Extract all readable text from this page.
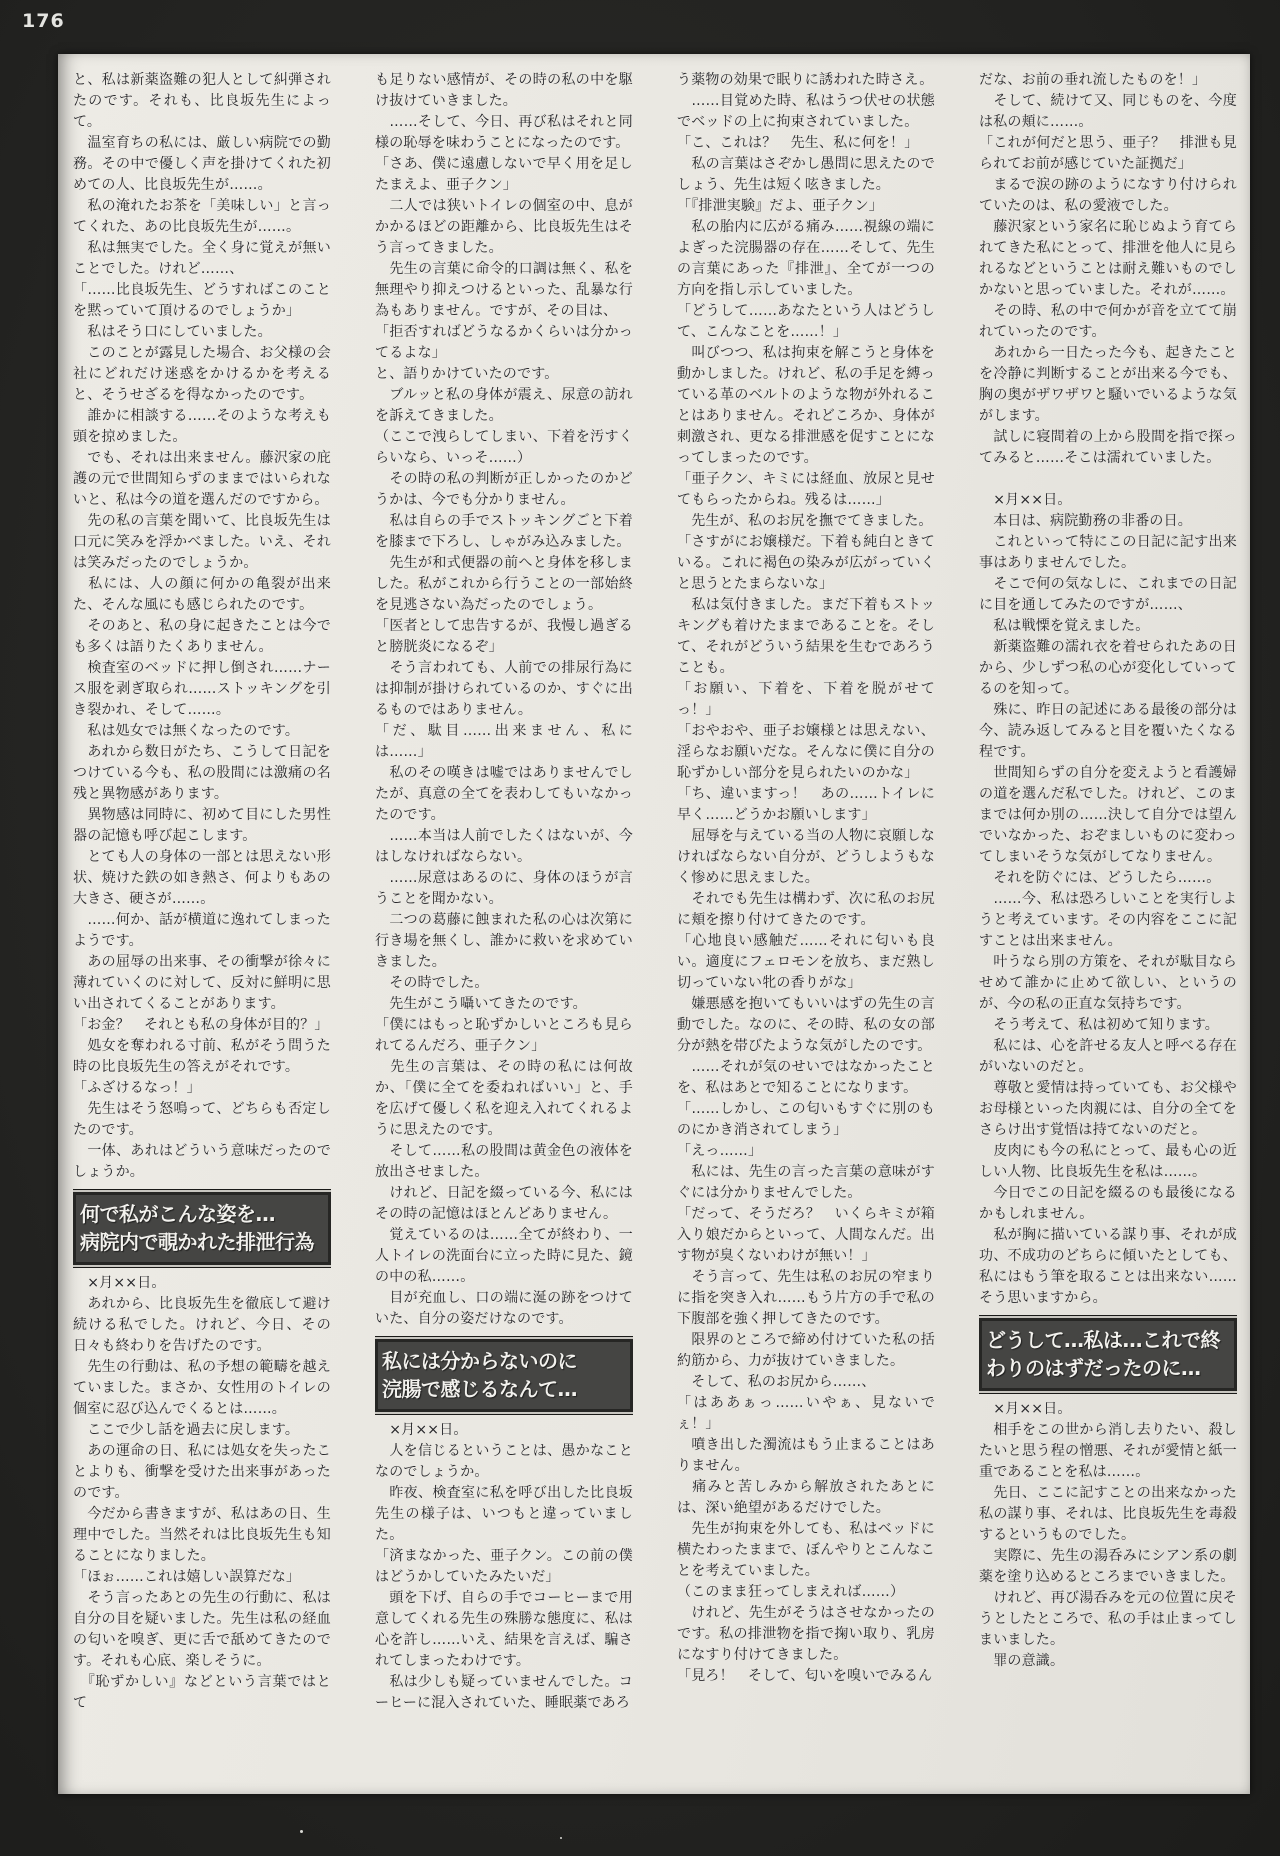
176

と、私は新薬盗難の犯人として糾弾されたのです。それも、比良坂先生によって。

　温室育ちの私には、厳しい病院での勤務。その中で優しく声を掛けてくれた初めての人、比良坂先生が……。

　私の淹れたお茶を「美味しい」と言ってくれた、あの比良坂先生が……。

　私は無実でした。全く身に覚えが無いことでした。けれど……、

「……比良坂先生、どうすればこのことを黙っていて頂けるのでしょうか」

　私はそう口にしていました。

　このことが露見した場合、お父様の会社にどれだけ迷惑をかけるかを考えると、そうせざるを得なかったのです。

　誰かに相談する……そのような考えも頭を掠めました。

　でも、それは出来ません。藤沢家の庇護の元で世間知らずのままではいられないと、私は今の道を選んだのですから。

　先の私の言葉を聞いて、比良坂先生は口元に笑みを浮かべました。いえ、それは笑みだったのでしょうか。

　私には、人の顔に何かの亀裂が出来た、そんな風にも感じられたのです。

　そのあと、私の身に起きたことは今でも多くは語りたくありません。

　検査室のベッドに押し倒され……ナース服を剥ぎ取られ……ストッキングを引き裂かれ、そして……。

　私は処女では無くなったのです。

　あれから数日がたち、こうして日記をつけている今も、私の股間には激痛の名残と異物感があります。

　異物感は同時に、初めて目にした男性器の記憶も呼び起こします。

　とても人の身体の一部とは思えない形状、焼けた鉄の如き熱さ、何よりもあの大きさ、硬さが……。

　……何か、話が横道に逸れてしまったようです。

　あの屈辱の出来事、その衝撃が徐々に薄れていくのに対して、反対に鮮明に思い出されてくることがあります。

「お金？　それとも私の身体が目的？」

　処女を奪われる寸前、私がそう問うた時の比良坂先生の答えがそれです。

「ふざけるなっ！」

　先生はそう怒鳴って、どちらも否定したのです。

　一体、あれはどういう意味だったのでしょうか。

何で私がこんな姿を…
病院内で覗かれた排泄行為

　×月××日。

　あれから、比良坂先生を徹底して避け続ける私でした。けれど、今日、その日々も終わりを告げたのです。

　先生の行動は、私の予想の範疇を越えていました。まさか、女性用のトイレの個室に忍び込んでくるとは……。

　ここで少し話を過去に戻します。

　あの運命の日、私には処女を失ったことよりも、衝撃を受けた出来事があったのです。

　今だから書きますが、私はあの日、生理中でした。当然それは比良坂先生も知ることになりました。

「ほぉ……これは嬉しい誤算だな」

　そう言ったあとの先生の行動に、私は自分の目を疑いました。先生は私の経血の匂いを嗅ぎ、更に舌で舐めてきたのです。それも心底、楽しそうに。

　『恥ずかしい』などという言葉ではとて

も足りない感情が、その時の私の中を駆け抜けていきました。

　……そして、今日、再び私はそれと同様の恥辱を味わうことになったのです。

「さあ、僕に遠慮しないで早く用を足したまえよ、亜子クン」

　二人では狭いトイレの個室の中、息がかかるほどの距離から、比良坂先生はそう言ってきました。

　先生の言葉に命令的口調は無く、私を無理やり抑えつけるといった、乱暴な行為もありません。ですが、その目は、

「拒否すればどうなるかくらいは分かってるよな」

と、語りかけていたのです。

　ブルッと私の身体が震え、尿意の訪れを訴えてきました。

（ここで洩らしてしまい、下着を汚すくらいなら、いっそ……）

　その時の私の判断が正しかったのかどうかは、今でも分かりません。

　私は自らの手でストッキングごと下着を膝まで下ろし、しゃがみ込みました。

　先生が和式便器の前へと身体を移しました。私がこれから行うことの一部始終を見逃さない為だったのでしょう。

「医者として忠告するが、我慢し過ぎると膀胱炎になるぞ」

　そう言われても、人前での排尿行為には抑制が掛けられているのか、すぐに出るものではありません。

「だ、駄目……出来ません、私には……」

　私のその嘆きは嘘ではありませんでしたが、真意の全てを表わしてもいなかったのです。

　……本当は人前でしたくはないが、今はしなければならない。

　……尿意はあるのに、身体のほうが言うことを聞かない。

　二つの葛藤に蝕まれた私の心は次第に行き場を無くし、誰かに救いを求めていきました。

　その時でした。

　先生がこう囁いてきたのです。

「僕にはもっと恥ずかしいところも見られてるんだろ、亜子クン」

　先生の言葉は、その時の私には何故か、「僕に全てを委ねればいい」と、手を広げて優しく私を迎え入れてくれるように思えたのです。

　そして……私の股間は黄金色の液体を放出させました。

　けれど、日記を綴っている今、私にはその時の記憶はほとんどありません。

　覚えているのは……全てが終わり、一人トイレの洗面台に立った時に見た、鏡の中の私……。

　目が充血し、口の端に涎の跡をつけていた、自分の姿だけなのです。

私には分からないのに
浣腸で感じるなんて…

　×月××日。

　人を信じるということは、愚かなことなのでしょうか。

　昨夜、検査室に私を呼び出した比良坂先生の様子は、いつもと違っていました。

「済まなかった、亜子クン。この前の僕はどうかしていたみたいだ」

　頭を下げ、自らの手でコーヒーまで用意してくれる先生の殊勝な態度に、私は心を許し……いえ、結果を言えば、騙されてしまったわけです。

　私は少しも疑っていませんでした。コーヒーに混入されていた、睡眠薬であろ

う薬物の効果で眠りに誘われた時さえ。

　……目覚めた時、私はうつ伏せの状態でベッドの上に拘束されていました。

「こ、これは？　先生、私に何を！」

　私の言葉はさぞかし愚問に思えたのでしょう、先生は短く呟きました。

「『排泄実験』だよ、亜子クン」

　私の胎内に広がる痛み……視線の端によぎった浣腸器の存在……そして、先生の言葉にあった『排泄』、全てが一つの方向を指し示していました。

「どうして……あなたという人はどうして、こんなことを……！」

　叫びつつ、私は拘束を解こうと身体を動かしました。けれど、私の手足を縛っている革のベルトのような物が外れることはありません。それどころか、身体が刺激され、更なる排泄感を促すことになってしまったのです。

「亜子クン、キミには経血、放尿と見せてもらったからね。残るは……」

　先生が、私のお尻を撫でてきました。

「さすがにお嬢様だ。下着も純白ときている。これに褐色の染みが広がっていくと思うとたまらないな」

　私は気付きました。まだ下着もストッキングも着けたままであることを。そして、それがどういう結果を生むであろうことも。

「お願い、下着を、下着を脱がせてっ！」

「おやおや、亜子お嬢様とは思えない、淫らなお願いだな。そんなに僕に自分の恥ずかしい部分を見られたいのかな」

「ち、違いますっ！　あの……トイレに早く……どうかお願いします」

　屈辱を与えている当の人物に哀願しなければならない自分が、どうしようもなく惨めに思えました。

　それでも先生は構わず、次に私のお尻に頬を擦り付けてきたのです。

「心地良い感触だ……それに匂いも良い。適度にフェロモンを放ち、まだ熟し切っていない牝の香りがな」

　嫌悪感を抱いてもいいはずの先生の言動でした。なのに、その時、私の女の部分が熱を帯びたような気がしたのです。

　……それが気のせいではなかったことを、私はあとで知ることになります。

「……しかし、この匂いもすぐに別のものにかき消されてしまう」

「えっ……」

　私には、先生の言った言葉の意味がすぐには分かりませんでした。

「だって、そうだろ？　いくらキミが箱入り娘だからといって、人間なんだ。出す物が臭くないわけが無い！」

　そう言って、先生は私のお尻の窄まりに指を突き入れ……もう片方の手で私の下腹部を強く押してきたのです。

　限界のところで締め付けていた私の括約筋から、力が抜けていきました。

　そして、私のお尻から……、

「はああぁっ……いやぁ、見ないでぇ！」

　噴き出した濁流はもう止まることはありません。

　痛みと苦しみから解放されたあとには、深い絶望があるだけでした。

　先生が拘束を外しても、私はベッドに横たわったままで、ぼんやりとこんなことを考えていました。

（このまま狂ってしまえれば……）

　けれど、先生がそうはさせなかったのです。私の排泄物を指で掬い取り、乳房になすり付けてきました。

「見ろ！　そして、匂いを嗅いでみるん

だな、お前の垂れ流したものを！」

　そして、続けて又、同じものを、今度は私の頬に……。

「これが何だと思う、亜子？　排泄も見られてお前が感じていた証拠だ」

　まるで涙の跡のようになすり付けられていたのは、私の愛液でした。

　藤沢家という家名に恥じぬよう育てられてきた私にとって、排泄を他人に見られるなどということは耐え難いものでしかないと思っていました。それが……。

　その時、私の中で何かが音を立てて崩れていったのです。

　あれから一日たった今も、起きたことを冷静に判断することが出来る今でも、胸の奥がザワザワと騒いでいるような気がします。

　試しに寝間着の上から股間を指で探ってみると……そこは濡れていました。

　×月××日。

　本日は、病院勤務の非番の日。

　これといって特にこの日記に記す出来事はありませんでした。

　そこで何の気なしに、これまでの日記に目を通してみたのですが……、

　私は戦慄を覚えました。

　新薬盗難の濡れ衣を着せられたあの日から、少しずつ私の心が変化していってるのを知って。

　殊に、昨日の記述にある最後の部分は今、読み返してみると目を覆いたくなる程です。

　世間知らずの自分を変えようと看護婦の道を選んだ私でした。けれど、このままでは何か別の……決して自分では望んでいなかった、おぞましいものに変わってしまいそうな気がしてなりません。

　それを防ぐには、どうしたら……。

　……今、私は恐ろしいことを実行しようと考えています。その内容をここに記すことは出来ません。

　叶うなら別の方策を、それが駄目ならせめて誰かに止めて欲しい、というのが、今の私の正直な気持ちです。

　そう考えて、私は初めて知ります。

　私には、心を許せる友人と呼べる存在がいないのだと。

　尊敬と愛情は持っていても、お父様やお母様といった肉親には、自分の全てをさらけ出す覚悟は持てないのだと。

　皮肉にも今の私にとって、最も心の近しい人物、比良坂先生を私は……。

　今日でこの日記を綴るのも最後になるかもしれません。

　私が胸に描いている謀り事、それが成功、不成功のどちらに傾いたとしても、私にはもう筆を取ることは出来ない……そう思いますから。

どうして…私は…これで終
わりのはずだったのに…

　×月××日。

　相手をこの世から消し去りたい、殺したいと思う程の憎悪、それが愛情と紙一重であることを私は……。

　先日、ここに記すことの出来なかった私の謀り事、それは、比良坂先生を毒殺するというものでした。

　実際に、先生の湯呑みにシアン系の劇薬を塗り込めるところまでいきました。

　けれど、再び湯呑みを元の位置に戻そうとしたところで、私の手は止まってしまいました。

　罪の意識。
